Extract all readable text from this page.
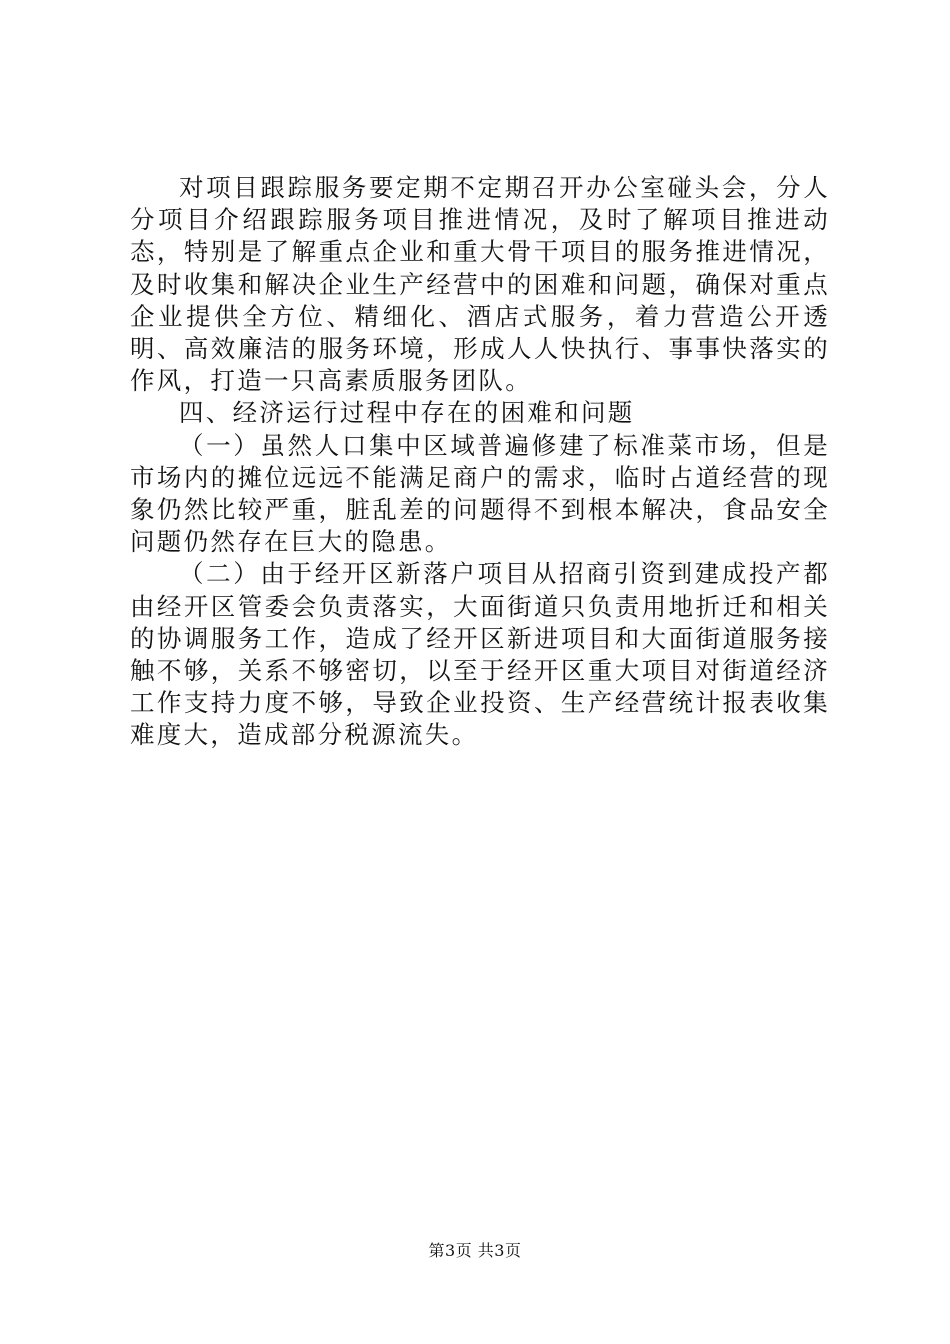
对项目跟踪服务要定期不定期召开办公室碰头会，分人分项目介绍跟踪服务项目推进情况，及时了解项目推进动态，特别是了解重点企业和重大骨干项目的服务推进情况，及时收集和解决企业生产经营中的困难和问题，确保对重点企业提供全方位、精细化、酒店式服务，着力营造公开透明、高效廉洁的服务环境，形成人人快执行、事事快落实的作风，打造一只高素质服务团队。

四、经济运行过程中存在的困难和问题

（一）虽然人口集中区域普遍修建了标准菜市场，但是市场内的摊位远远不能满足商户的需求，临时占道经营的现象仍然比较严重，脏乱差的问题得不到根本解决，食品安全问题仍然存在巨大的隐患。

（二）由于经开区新落户项目从招商引资到建成投产都由经开区管委会负责落实，大面街道只负责用地折迁和相关的协调服务工作，造成了经开区新进项目和大面街道服务接触不够，关系不够密切，以至于经开区重大项目对街道经济工作支持力度不够，导致企业投资、生产经营统计报表收集难度大，造成部分税源流失。

第3页 共3页
